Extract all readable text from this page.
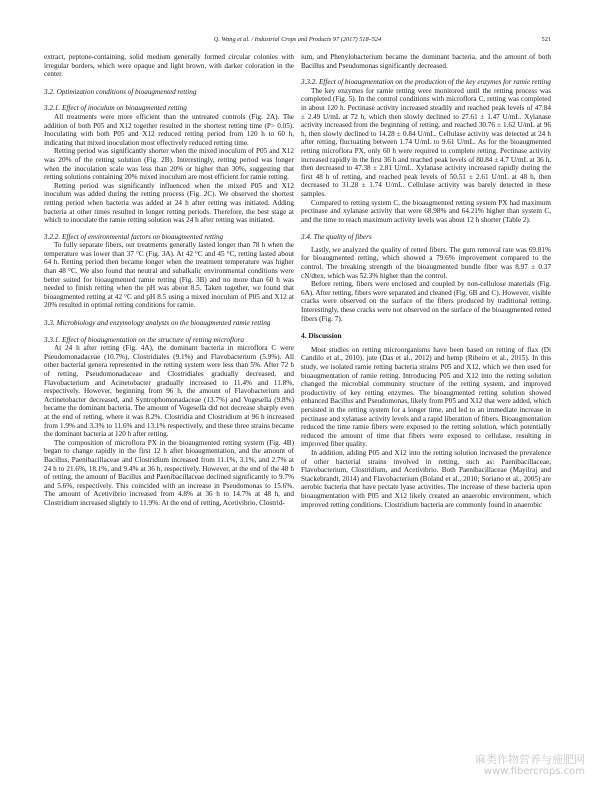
Q. Wang et al. / Industrial Crops and Products 97 (2017) 518–524	521

extract, peptone-containing, solid medium generally formed circular colonies with irregular borders, which were opaque and light brown, with darker coloration in the center.

3.2. Optimization conditions of bioaugmented retting
3.2.1. Effect of inoculum on bioaugmented retting

All treatments were more efficient than the untreated controls (Fig. 2A). The addition of both P05 and X12 together resulted in the shortest retting time (P> 0.05). Inoculating with both P05 and X12 reduced retting period from 120 h to 60 h, indicating that mixed inoculation most effectively reduced retting time.

Retting period was significantly shorter when the mixed inoculum of P05 and X12 was 20% of the retting solution (Fig. 2B). Interestingly, retting period was longer when the inoculation scale was less than 20% or higher than 30%, suggesting that retting solutions containing 20% mixed inoculum are most efficient for ramie retting.

Retting period was significantly influenced when the mixed P05 and X12 inoculum was added during the retting process (Fig. 2C). We observed the shortest retting period when bacteria was added at 24 h after retting was initiated. Adding bacteria at other times resulted in longer retting periods. Therefore, the best stage at which to inoculate the ramie retting solution was 24 h after retting was initiated.

3.2.2. Effect of environmental factors on bioaugmented retting

To fully separate fibers, our treatments generally lasted longer than 78 h when the temperature was lower than 37 °C (Fig. 3A). At 42 °C and 45 °C, retting lasted about 64 h. Retting period then became longer when the treatment temperature was higher than 48 °C. We also found that neutral and subalkalic environmental conditions were better suited for bioaugmented ramie retting (Fig. 3B) and no more than 60 h was needed to finish retting when the pH was about 8.5. Taken together, we found that bioaugmented retting at 42 °C and pH 8.5 using a mixed inoculum of P05 and X12 at 20% resulted in optimal retting conditions for ramie.

3.3. Microbiology and enzymology analysts on the bioaugmented ramie retting
3.3.1. Effect of bioaugmentation on the structure of retting microflora

At 24 h after retting (Fig. 4A), the dominant bacteria in microflora C were Pseudomonadaceae (10.7%), Clostridiales (9.1%) and Flavobacterium (5.9%). All other bacterial genera represented in the retting system were less than 5%. After 72 h of retting, Pseudomonadaceae and Clostridiales gradually decreased, and Flavobacterium and Acinetobacter gradually increased to 11.4% and 11.8%, respectively. However, beginning from 96 h, the amount of Flavobacterium and Actinetobacter decreased, and Syntrophomonadaceae (13.7%) and Vogesella (9.8%) became the dominant bacteria. The amount of Vogesella did not decrease sharply even at the end of retting, where it was 8.2%. Clostridia and Clostridium at 96 h increased from 1.9% and 3.3% to 11.6% and 13.1% respectively, and these three strains became the dominant bacteria at 120 h after retting.

The composition of microflora PX in the bioaugmented retting system (Fig. 4B) began to change rapidly in the first 12 h after bioaugmentation, and the amount of Bacillus, Paenibacillaceae and Clostridium increased from 11.1%, 3.1%, and 2.7% at 24 h to 21.6%, 18.1%, and 9.4% at 36 h, respectively. However, at the end of the 48 h of retting, the amount of Bacillus and Paenibacillaceae declined significantly to 9.7% and 5.6%, respectively. This coincided with an increase in Pseudomonas to 15.6%. The amount of Acetivibrio increased from 4.8% at 36 h to 14.7% at 48 h, and Clostridium increased slightly to 11.9%. At the end of retting, Acetivibrio, Clostrid-

ium, and Phenylobacterium became the dominant bacteria, and the amount of both Bacillus and Pseudomonas significantly decreased.

3.3.2. Effect of bioaugmentation on the production of the key enzymes for ramie retting

The key enzymes for ramie retting were monitored until the retting process was completed (Fig. 5). In the control conditions with microflora C, retting was completed in about 120 h. Pectinase activity increased steadily and reached peak levels of 47.84 ± 2.49 U/mL at 72 h, which then slowly declined to 27.61 ± 1.47 U/mL. Xylanase activity increased from the beginning of retting, and reached 30.76 ± 1.62 U/mL at 96 h, then slowly declined to 14.28 ± 0.84 U/mL. Cellulase activity was detected at 24 h after retting, fluctuating between 1.74 U/mL to 9.61 U/mL. As for the bioaugmented retting microflora PX, only 60 h were required to complete retting. Pectinase activity increased rapidly in the first 36 h and reached peak levels of 80.84 ± 4.7 U/mL at 36 h, then decreased to 47.38 ± 2.81 U/mL. Xylanase activity increased rapidly during the first 48 h of retting, and reached peak levels of 50.51 ± 2.61 U/mL at 48 h, then decreased to 31.28 ± 1.74 U/mL. Cellulase activity was barely detected in these samples.

Compared to retting system C, the bioaugmented retting system PX had maximum pectinase and xylanase activity that were 68.98% and 64.21% higher than system C, and the time to reach maximum activity levels was about 12 h shorter (Table 2).

3.4. The quality of fibers

Lastly, we analyzed the quality of retted fibers. The gum removal rate was 69.81% for bioaugmented retting, which showed a 79.6% improvement compared to the control. The breaking strength of the bioaugmented bundle fiber was 8.97 ± 0.37 cN/dtex, which was 52.3% higher than the control.

Before retting, fibers were enclosed and coupled by non-cellulose materials (Fig. 6A). After retting, fibers were separated and cleaned (Fig. 6B and C). However, visible cracks were observed on the surface of the fibers produced by traditional retting. Interestingly, these cracks were not observed on the surface of the bioaugmented retted fibers (Fig. 7).

4. Discussion

Most studies on retting microorganisms have been based on retting of flax (Di Candilo et al., 2010), jute (Das et al., 2012) and hemp (Ribeiro et al., 2015). In this study, we isolated ramie retting bacteria strains P05 and X12, which we then used for bioaugmentation of ramie retting. Introducing P05 and X12 into the retting solution changed the microbial community structure of the retting system, and improved productivity of key retting enzymes. The bioaugmented retting solution showed enhanced Bacillus and Pseudomonas, likely from P05 and X12 that were added, which persisted in the retting system for a longer time, and led to an immediate increase in pectinase and xylanase activity levels and a rapid liberation of fibers. Bioaugmentation reduced the time ramie fibers were exposed to the retting solution, which potentially reduced the amount of time that fibers were exposed to cellulase, resulting in improved fiber quality.

In addition, adding P05 and X12 into the retting solution increased the prevalence of other bacterial strains involved in retting, such as: Paenibacillaceae, Flavobacterium, Clostridium, and Acetivibrio. Both Paenibacillaceae (Mayilraj and Stackebrandt, 2014) and Flavobacterium (Boland et al., 2010; Soriano et al., 2005) are aerobic bacteria that have pectate lyase activities. The increase of these bacteria upon bioaugmentation with P05 and X12 likely created an anaerobic environment, which improved retting conditions. Clostridium bacteria are commonly found in anaerobic

麻类作物营养与施肥网
www.fibercrops.com
